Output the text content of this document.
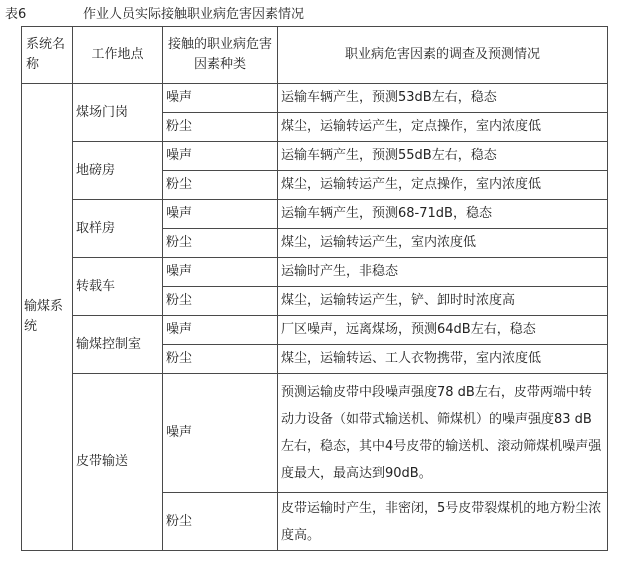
表6	作业人员实际接触职业病危害因素情况
系统名称	工作地点	接触的职业病危害因素种类	职业病危害因素的调查及预测情况
输煤系统	煤场门岗	噪声	运输车辆产生，预测53dB左右，稳态
		粉尘	煤尘，运输转运产生，定点操作，室内浓度低
	地磅房	噪声	运输车辆产生，预测55dB左右，稳态
		粉尘	煤尘，运输转运产生，定点操作，室内浓度低
	取样房	噪声	运输车辆产生，预测68-71dB，稳态
		粉尘	煤尘，运输转运产生，室内浓度低
	转载车	噪声	运输时产生，非稳态
		粉尘	煤尘，运输转运产生，铲、卸时时浓度高
	输煤控制室	噪声	厂区噪声，远离煤场，预测64dB左右，稳态
		粉尘	煤尘，运输转运、工人衣物携带，室内浓度低
	皮带输送	噪声	预测运输皮带中段噪声强度78 dB左右，皮带两端中转动力设备（如带式输送机、筛煤机）的噪声强度83 dB左右，稳态，其中4号皮带的输送机、滚动筛煤机噪声强度最大，最高达到90dB。
		粉尘	皮带运输时产生，非密闭，5号皮带裂煤机的地方粉尘浓度高。
